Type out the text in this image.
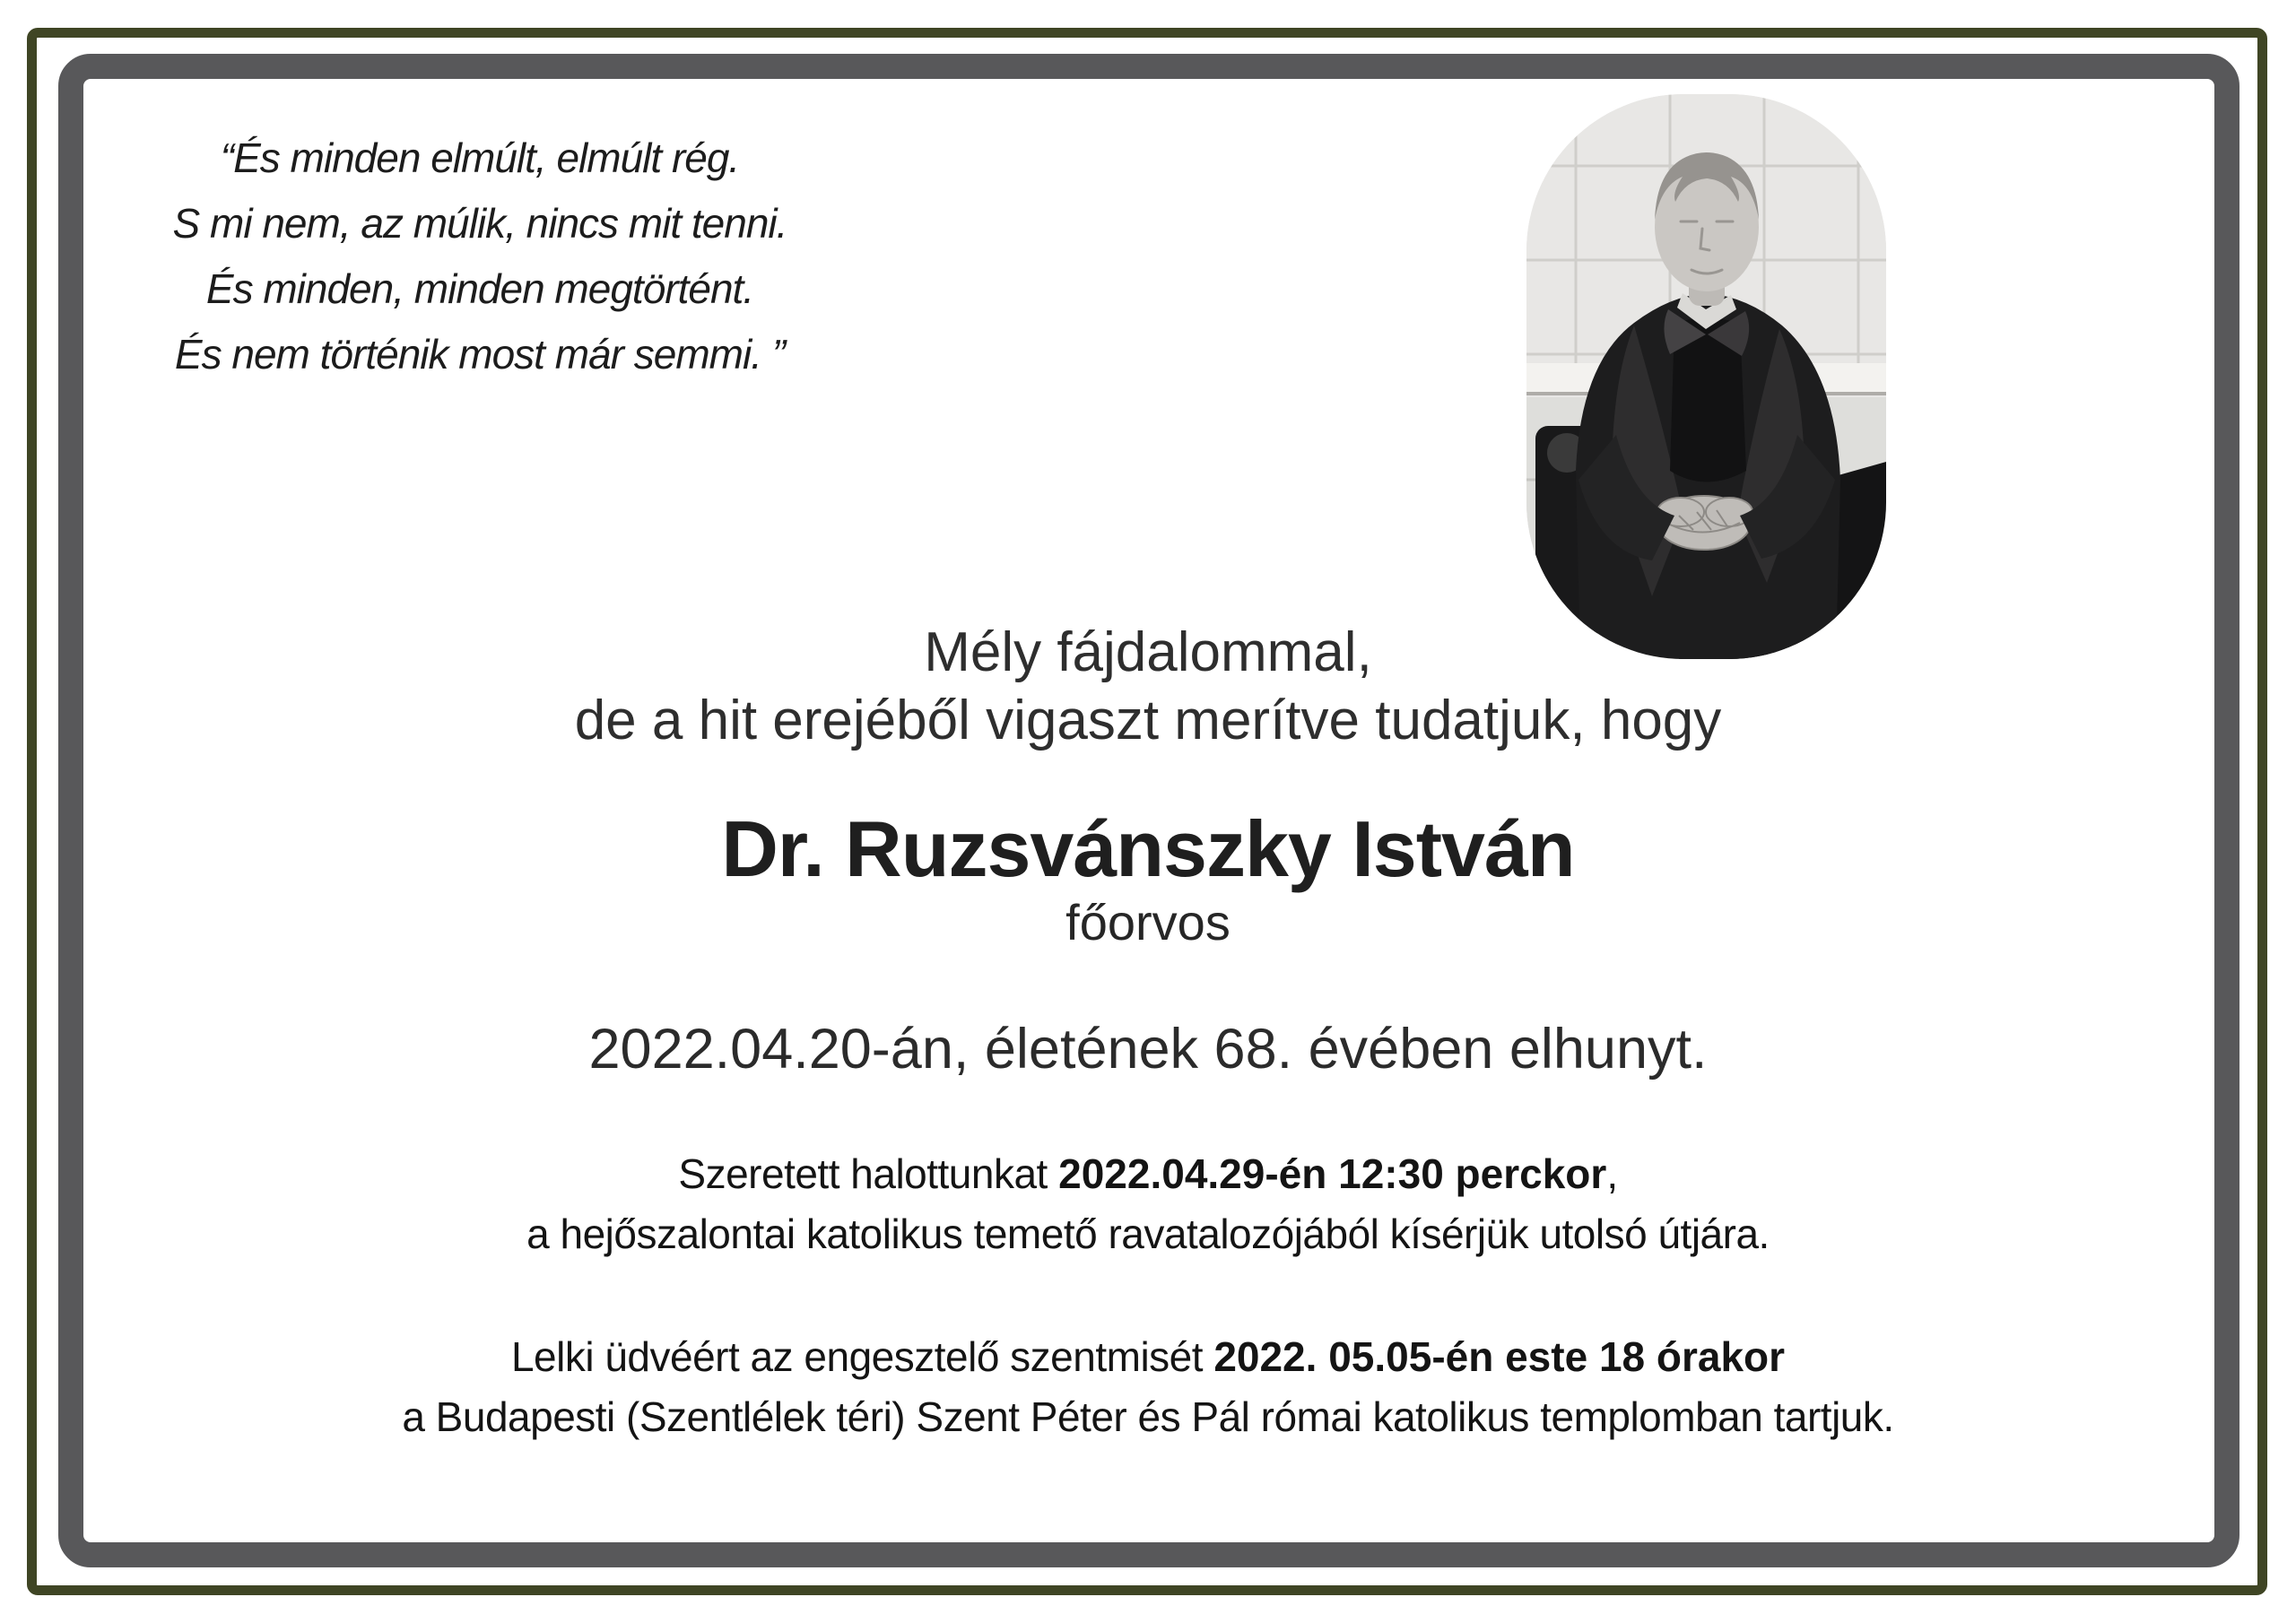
“És minden elmúlt, elmúlt rég.
S mi nem, az múlik, nincs mit tenni.
És minden, minden megtörtént.
És nem történik most már semmi. ”
Mély fájdalommal,
de a hit erejéből vigaszt merítve tudatjuk, hogy
Dr. Ruzsvánszky István
főorvos
2022.04.20-án, életének 68. évében elhunyt.

Szeretett halottunkat 2022.04.29-én 12:30 perckor,
a hejőszalontai katolikus temető ravatalozójából kísérjük utolsó útjára.

Lelki üdvéért az engesztelő szentmisét 2022. 05.05-én este 18 órakor
a Budapesti (Szentlélek téri) Szent Péter és Pál római katolikus templomban tartjuk.
